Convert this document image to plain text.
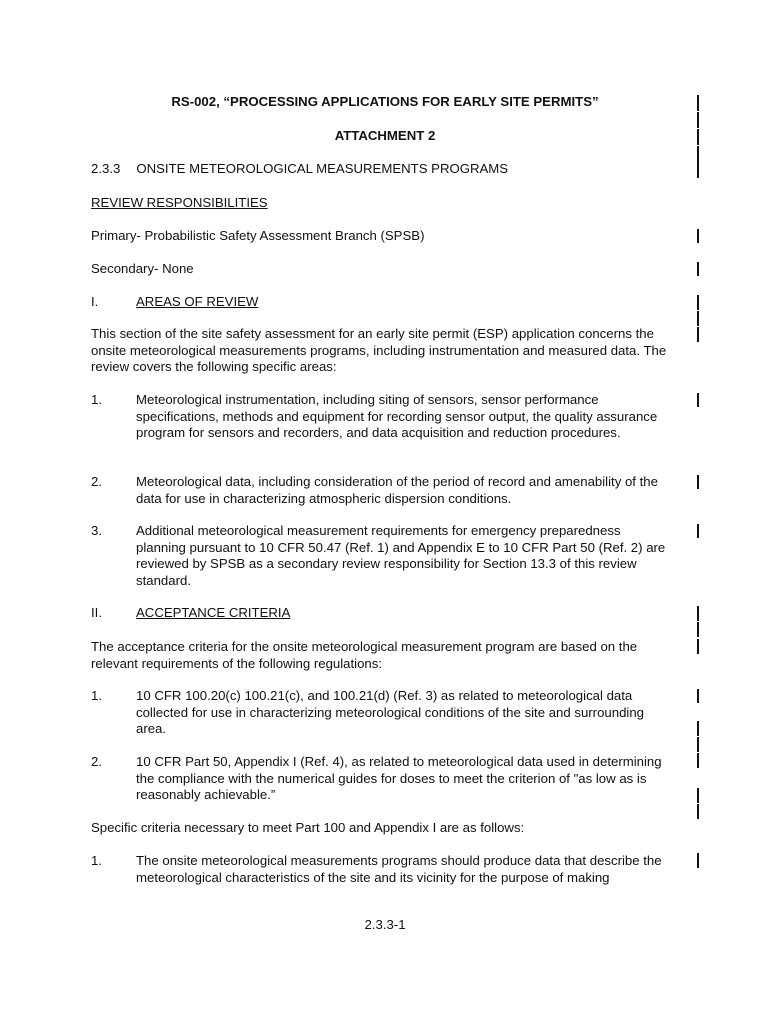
RS-002, “PROCESSING APPLICATIONS FOR EARLY SITE PERMITS”
ATTACHMENT 2
2.3.3 ONSITE METEOROLOGICAL MEASUREMENTS PROGRAMS
REVIEW RESPONSIBILITIES
Primary- Probabilistic Safety Assessment Branch (SPSB)
Secondary- None
I.	AREAS OF REVIEW
This section of the site safety assessment for an early site permit (ESP) application concerns the onsite meteorological measurements programs, including instrumentation and measured data. The review covers the following specific areas:
1.	Meteorological instrumentation, including siting of sensors, sensor performance specifications, methods and equipment for recording sensor output, the quality assurance program for sensors and recorders, and data acquisition and reduction procedures.
2.	Meteorological data, including consideration of the period of record and amenability of the data for use in characterizing atmospheric dispersion conditions.
3.	Additional meteorological measurement requirements for emergency preparedness planning pursuant to 10 CFR 50.47 (Ref. 1) and Appendix E to 10 CFR Part 50 (Ref. 2) are reviewed by SPSB as a secondary review responsibility for Section 13.3 of this review standard.
II.	ACCEPTANCE CRITERIA
The acceptance criteria for the onsite meteorological measurement program are based on the relevant requirements of the following regulations:
1.	10 CFR 100.20(c) 100.21(c), and 100.21(d) (Ref. 3) as related to meteorological data collected for use in characterizing meteorological conditions of the site and surrounding area.
2.	10 CFR Part 50, Appendix I (Ref. 4), as related to meteorological data used in determining the compliance with the numerical guides for doses to meet the criterion of "as low as is reasonably achievable.”
Specific criteria necessary to meet Part 100 and Appendix I are as follows:
1.	The onsite meteorological measurements programs should produce data that describe the meteorological characteristics of the site and its vicinity for the purpose of making
2.3.3-1
